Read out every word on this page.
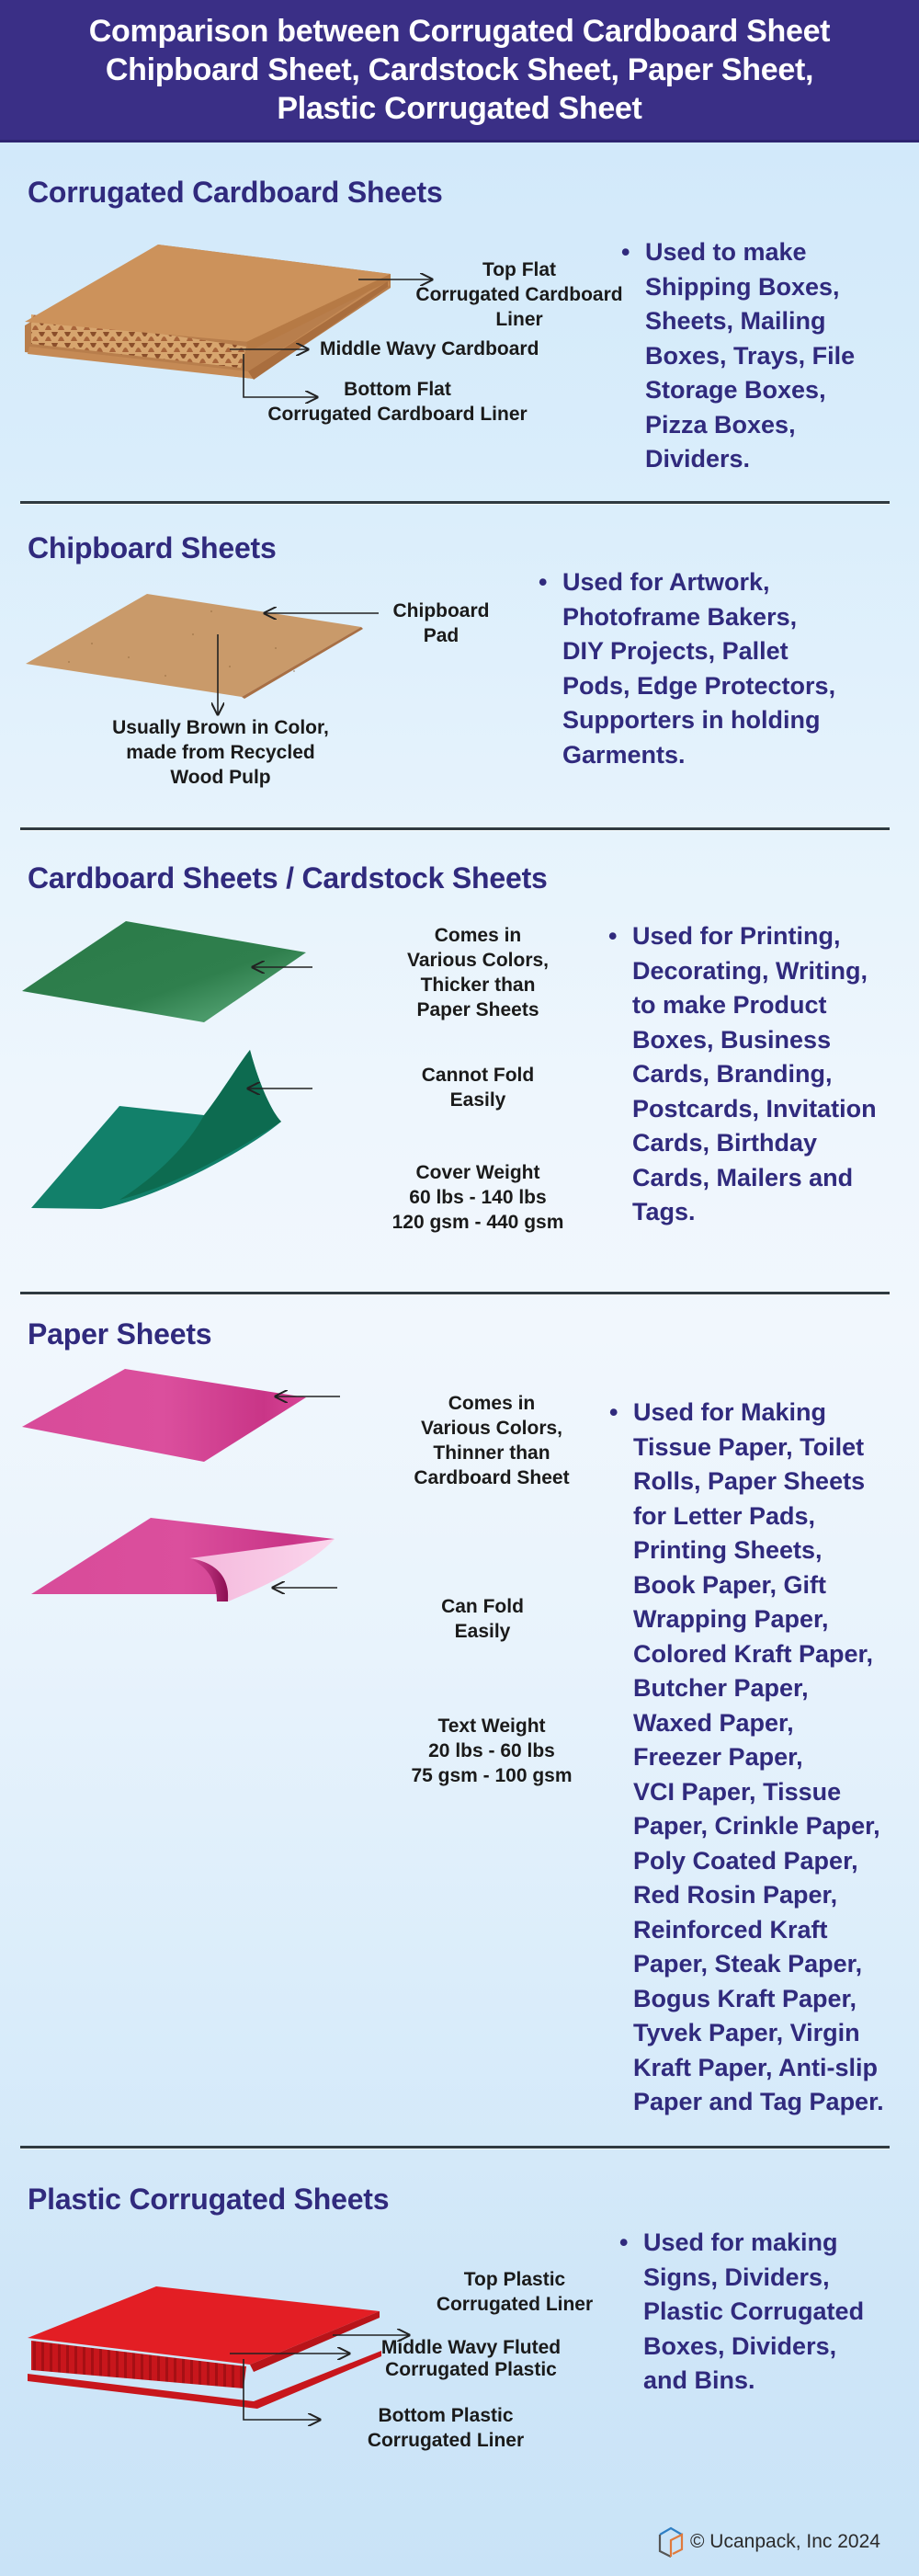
Comparison between Corrugated Cardboard Sheet
Chipboard Sheet, Cardstock Sheet, Paper Sheet,
Plastic Corrugated Sheet
Corrugated Cardboard Sheets
Top Flat
Corrugated Cardboard
Liner
Middle Wavy Cardboard
Bottom Flat
Corrugated Cardboard Liner
• Used to make
Shipping Boxes,
Sheets, Mailing
Boxes, Trays, File
Storage Boxes,
Pizza Boxes,
Dividers.
Chipboard Sheets
Chipboard
Pad
Usually Brown in Color,
made from Recycled
Wood Pulp
• Used for Artwork,
Photoframe Bakers,
DIY Projects, Pallet
Pods, Edge Protectors,
Supporters in holding
Garments.
Cardboard Sheets / Cardstock Sheets
Comes in
Various Colors,
Thicker than
Paper Sheets
Cannot Fold
Easily
Cover Weight
60 lbs - 140 lbs
120 gsm - 440 gsm
• Used for Printing,
Decorating, Writing,
to make Product
Boxes, Business
Cards, Branding,
Postcards, Invitation
Cards, Birthday
Cards, Mailers and
Tags.
Paper Sheets
Comes in
Various Colors,
Thinner than
Cardboard Sheet
Can Fold
Easily
Text Weight
20 lbs - 60 lbs
75 gsm - 100 gsm
• Used for Making
Tissue Paper, Toilet
Rolls, Paper Sheets
for Letter Pads,
Printing Sheets,
Book Paper, Gift
Wrapping Paper,
Colored Kraft Paper,
Butcher Paper,
Waxed Paper,
Freezer Paper,
VCI Paper, Tissue
Paper, Crinkle Paper,
Poly Coated Paper,
Red Rosin Paper,
Reinforced Kraft
Paper, Steak Paper,
Bogus Kraft Paper,
Tyvek Paper, Virgin
Kraft Paper, Anti-slip
Paper and Tag Paper.
Plastic Corrugated Sheets
Top Plastic
Corrugated Liner
Middle Wavy Fluted
Corrugated Plastic
Bottom Plastic
Corrugated Liner
• Used for making
Signs, Dividers,
Plastic Corrugated
Boxes, Dividers,
and Bins.
© Ucanpack, Inc 2024
